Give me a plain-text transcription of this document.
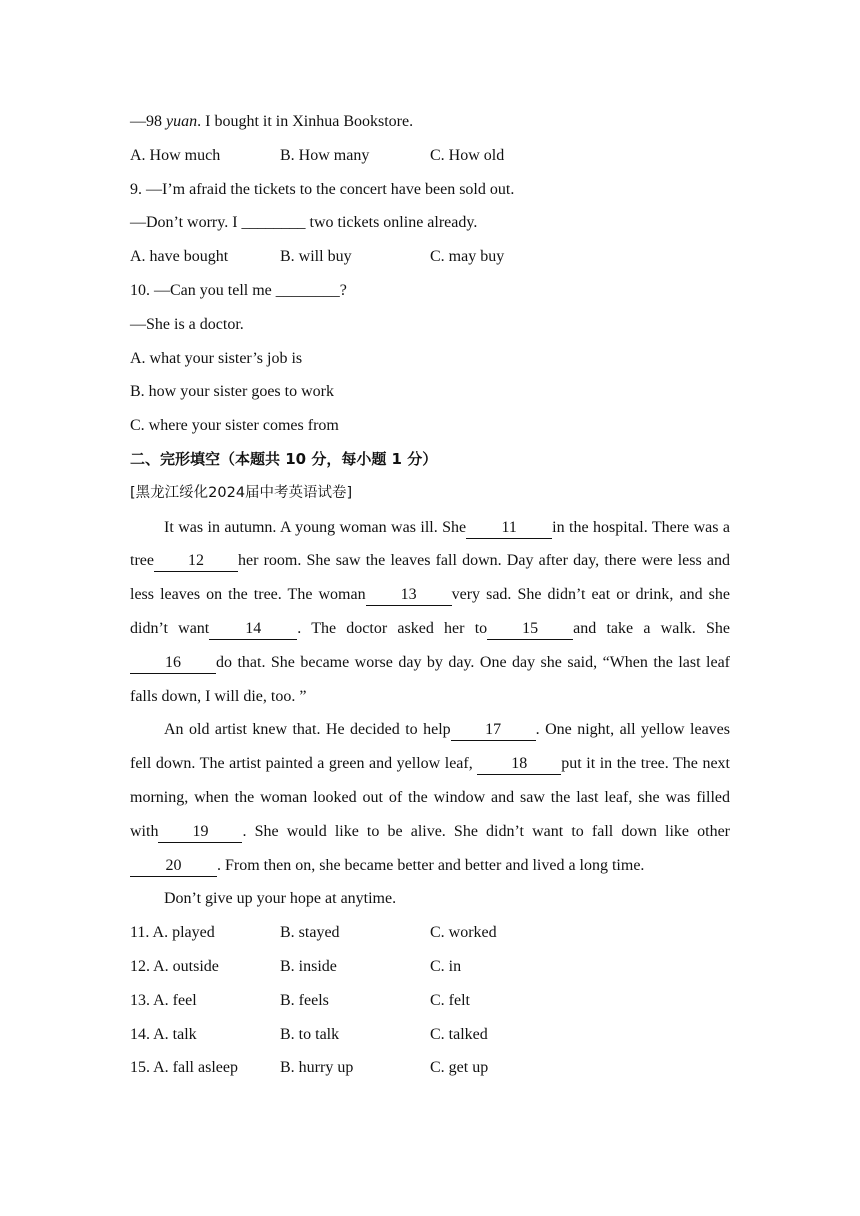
—98 yuan. I bought it in Xinhua Bookstore.
A. How much	B. How many	C. How old
9. —I’m afraid the tickets to the concert have been sold out.
—Don’t worry. I ________ two tickets online already.
A. have bought	B. will buy	C. may buy
10. —Can you tell me ________?
—She is a doctor.
A. what your sister’s job is
B. how your sister goes to work
C. where your sister comes from
二、完形填空（本题共 10 分，每小题 1 分）
[黑龙江绥化2024届中考英语试卷]

It was in autumn. A young woman was ill. She 11 in the hospital. There was a tree 12 her room. She saw the leaves fall down. Day after day, there were less and less leaves on the tree. The woman 13 very sad. She didn’t eat or drink, and she didn’t want 14 . The doctor asked her to 15 and take a walk. She16 do that. She became worse day by day. One day she said, “When the last leaf falls down, I will die, too. ”

An old artist knew that. He decided to help 17 . One night, all yellow leaves fell down. The artist painted a green and yellow leaf, 18 put it in the tree. The next morning, when the woman looked out of the window and saw the last leaf, she was filled with 19 . She would like to be alive. She didn’t want to fall down like other20 . From then on, she became better and better and lived a long time.

Don’t give up your hope at anytime.

11. A. played	B. stayed	C. worked
12. A. outside	B. inside	C. in
13. A. feel	B. feels	C. felt
14. A. talk	B. to talk	C. talked
15. A. fall asleep	B. hurry up	C. get up
